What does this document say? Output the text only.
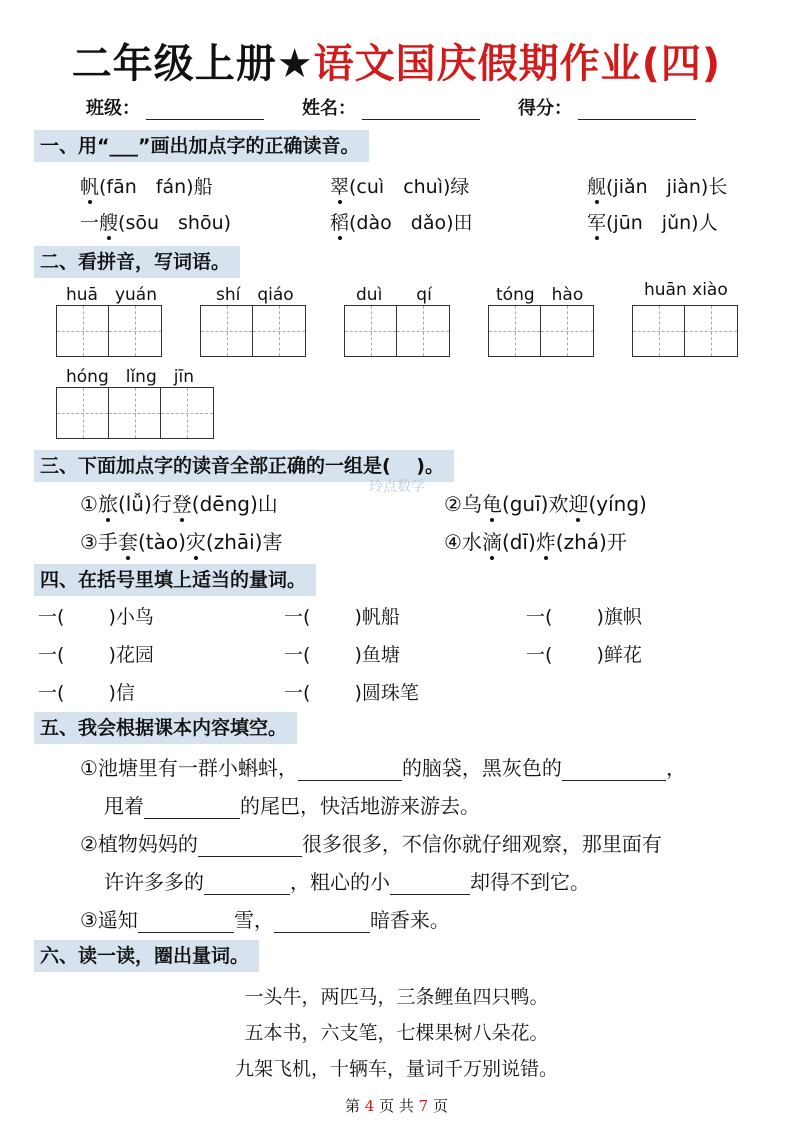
二年级上册★语文国庆假期作业(四)
班级：	姓名：	得分：
一、用“___”画出加点字的正确读音。
帆(fān　fán)船	翠(cuì　chuì)绿	舰(jiǎn　jiàn)长
一艘(sōu　shōu)	稻(dào　dǎo)田	军(jūn　jǔn)人
二、看拼音，写词语。
huā　yuán	shí　qiáo	duì　　qí	tóng　hào	huān xiào
hóng　lǐng　jīn
三、下面加点字的读音全部正确的一组是(　 )。
①旅(lǚ)行登(dēng)山	②乌龟(guī)欢迎(yíng)
③手套(tào)灾(zhāi)害	④水滴(dī)炸(zhá)开
玲点数学
四、在括号里填上适当的量词。
一(　　 )小鸟	一(　　 )帆船	一(　　 )旗帜
一(　　 )花园	一(　　 )鱼塘	一(　　 )鲜花
一(　　 )信	一(　　 )圆珠笔
五、我会根据课本内容填空。
①池塘里有一群小蝌蚪，	的脑袋，黑灰色的	，
甩着	的尾巴，快活地游来游去。
②植物妈妈的	很多很多，不信你就仔细观察，那里面有
许许多多的	，粗心的小	却得不到它。
③遥知	雪，	暗香来。
六、读一读，圈出量词。
一头牛，两匹马，三条鲤鱼四只鸭。
五本书，六支笔，七棵果树八朵花。
九架飞机，十辆车，量词千万别说错。
第 4 页 共 7 页
